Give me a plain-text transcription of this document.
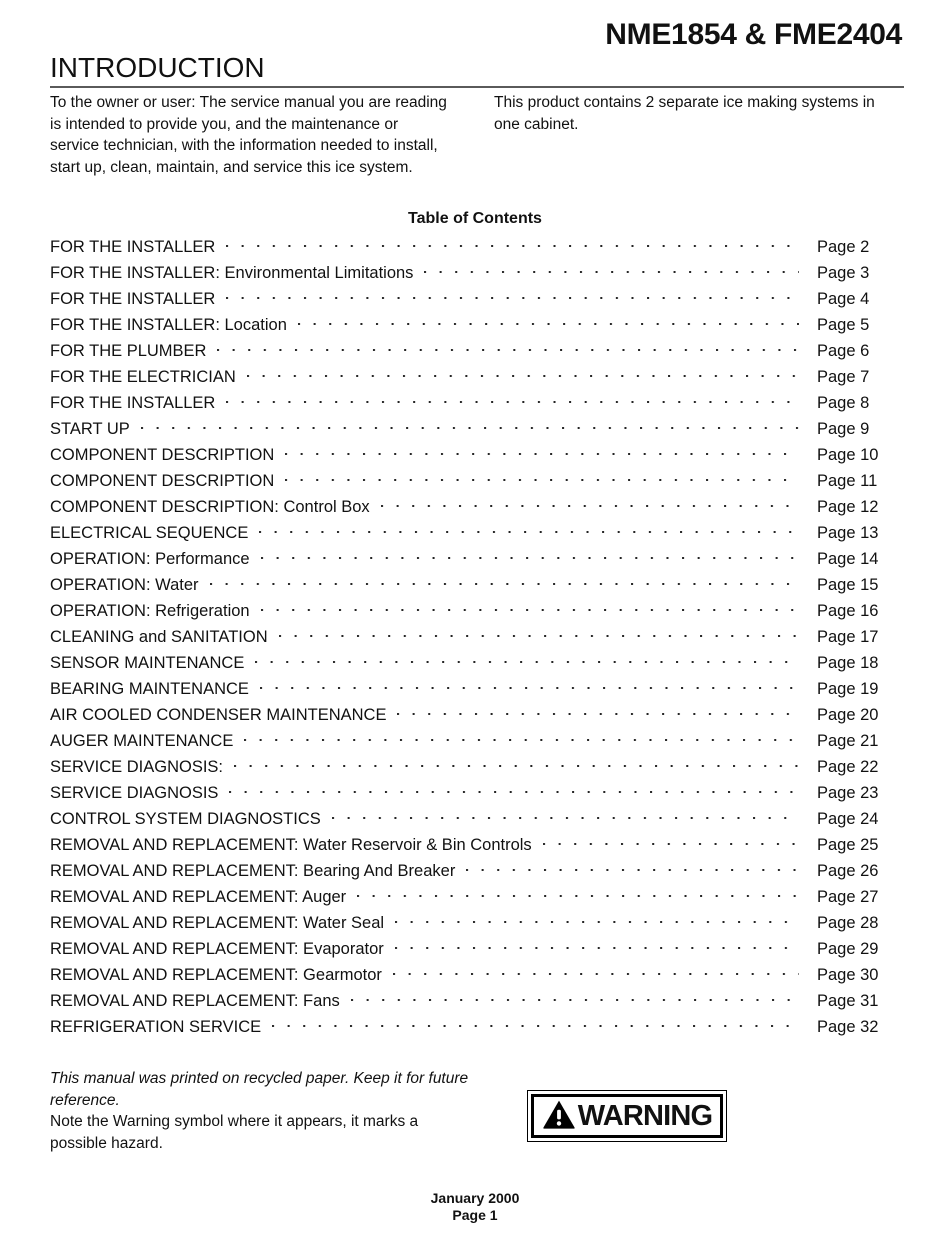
NME1854 & FME2404
INTRODUCTION
To the owner or user: The service manual you are reading is intended to provide you, and the maintenance or service technician, with the information needed to install, start up, clean, maintain, and service this ice system.
This product contains 2 separate ice making systems in one cabinet.
Table of Contents
FOR THE INSTALLER	Page 2
FOR THE INSTALLER: Environmental Limitations	Page 3
FOR THE INSTALLER	Page 4
FOR THE INSTALLER: Location	Page 5
FOR THE PLUMBER	Page 6
FOR THE ELECTRICIAN	Page 7
FOR THE INSTALLER	Page 8
START UP	Page 9
COMPONENT DESCRIPTION	Page 10
COMPONENT DESCRIPTION	Page 11
COMPONENT DESCRIPTION: Control Box	Page 12
ELECTRICAL SEQUENCE	Page 13
OPERATION: Performance	Page 14
OPERATION: Water	Page 15
OPERATION: Refrigeration	Page 16
CLEANING and SANITATION	Page 17
SENSOR MAINTENANCE	Page 18
BEARING MAINTENANCE	Page 19
AIR COOLED CONDENSER MAINTENANCE	Page 20
AUGER MAINTENANCE	Page 21
SERVICE DIAGNOSIS:	Page 22
SERVICE DIAGNOSIS	Page 23
CONTROL SYSTEM DIAGNOSTICS	Page 24
REMOVAL AND REPLACEMENT: Water Reservoir & Bin Controls	Page 25
REMOVAL AND REPLACEMENT: Bearing And Breaker	Page 26
REMOVAL AND REPLACEMENT: Auger	Page 27
REMOVAL AND REPLACEMENT: Water Seal	Page 28
REMOVAL AND REPLACEMENT: Evaporator	Page 29
REMOVAL AND REPLACEMENT: Gearmotor	Page 30
REMOVAL AND REPLACEMENT: Fans	Page 31
REFRIGERATION SERVICE	Page 32
This manual was printed on recycled paper. Keep it for future reference.
Note the Warning symbol where it appears, it marks a possible hazard.
WARNING
January 2000
Page 1
